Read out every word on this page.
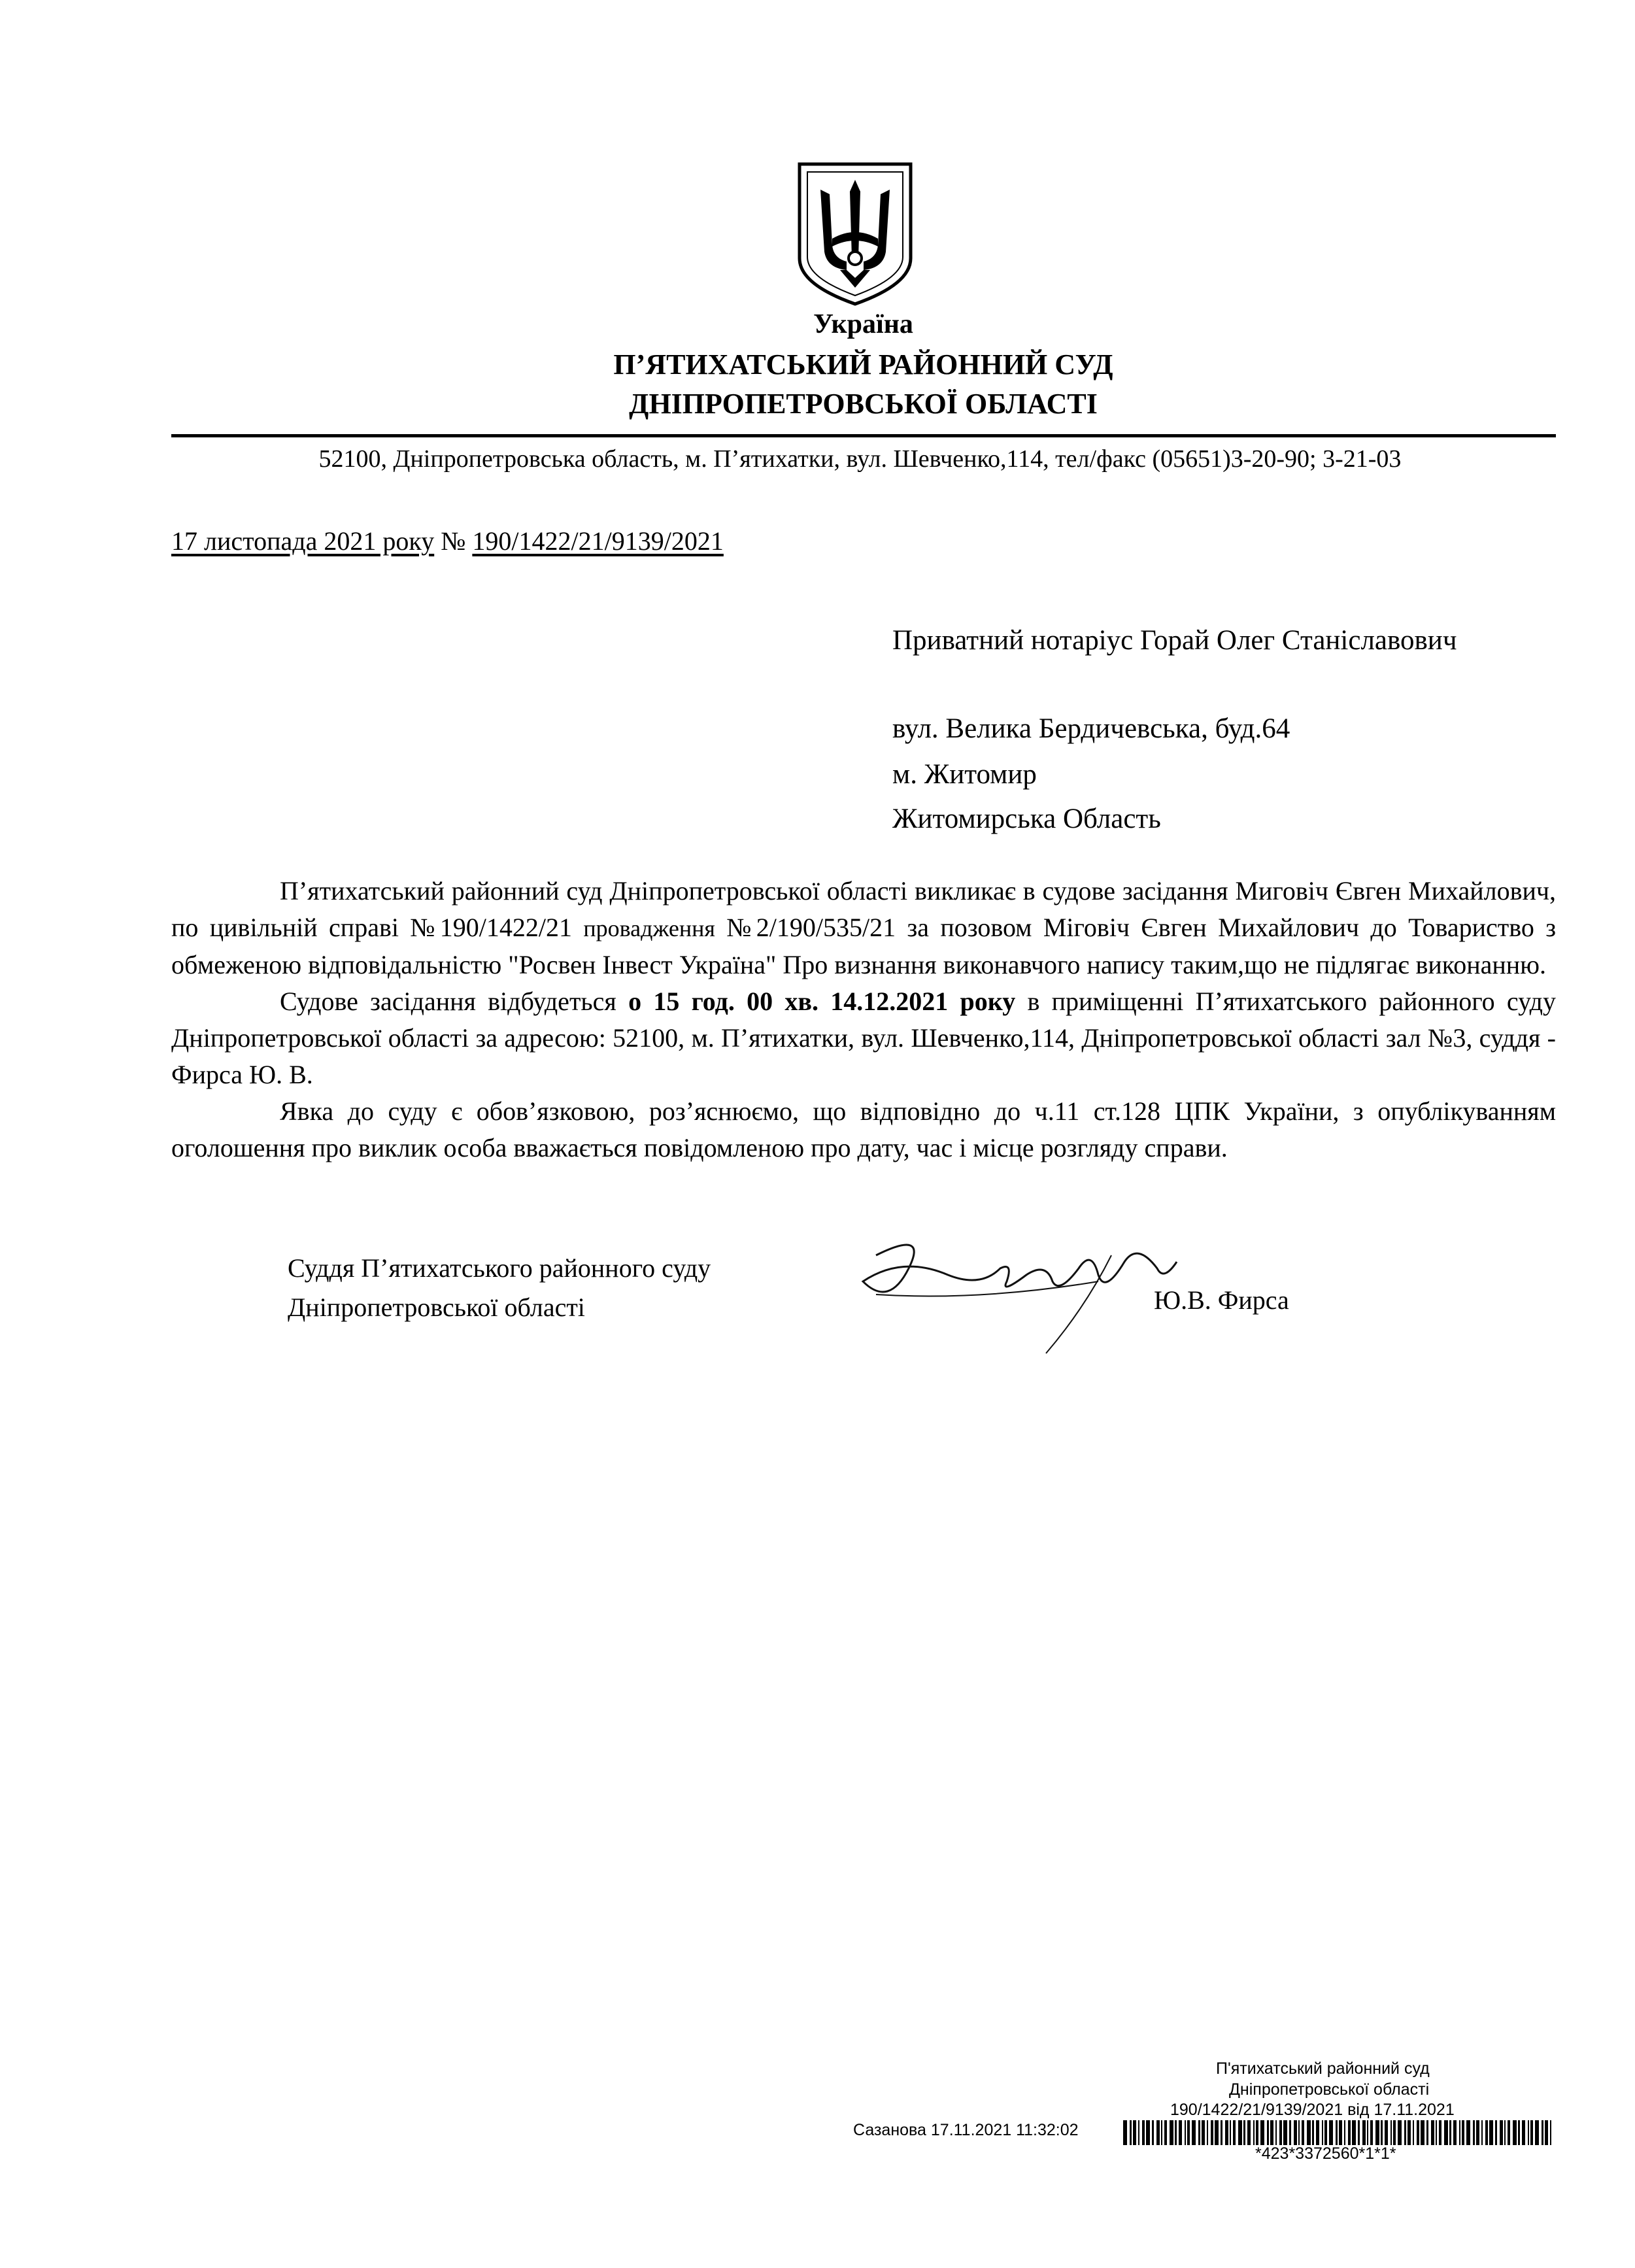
Україна
П’ЯТИХАТСЬКИЙ РАЙОННИЙ СУД
ДНІПРОПЕТРОВСЬКОЇ ОБЛАСТІ
52100, Дніпропетровська область, м. П’ятихатки, вул. Шевченко,114, тел/факс (05651)3-20-90; 3-21-03
17 листопада 2021 року № 190/1422/21/9139/2021
Приватний нотаріус Горай Олег Станіславович
вул. Велика Бердичевська, буд.64
м. Житомир
Житомирська Область

П’ятихатський районний суд Дніпропетровської області викликає в судове засідання Миговіч Євген Михайлович, по цивільній справі №190/1422/21 провадження №2/190/535/21 за позовом Міговіч Євген Михайлович до Товариство з обмеженою відповідальністю "Росвен Інвест Україна" Про визнання виконавчого напису таким,що не підлягає виконанню.

Судове засідання відбудеться о 15 год. 00 хв. 14.12.2021 року в приміщенні П’ятихатського районного суду Дніпропетровської області за адресою: 52100, м. П’ятихатки, вул. Шевченко,114, Дніпропетровської області зал №3, суддя - Фирса Ю. В.

Явка до суду є обов’язковою, роз’яснюємо, що відповідно до ч.11 ст.128 ЦПК України, з опублікуванням оголошення про виклик особа вважається повідомленою про дату, час і місце розгляду справи.

Суддя П’ятихатського районного суду
Дніпропетровської області	Ю.В. Фирса
П'ятихатський районний суд
Дніпропетровської області
190/1422/21/9139/2021 від 17.11.2021
Сазанова 17.11.2021 11:32:02
*423*3372560*1*1*
